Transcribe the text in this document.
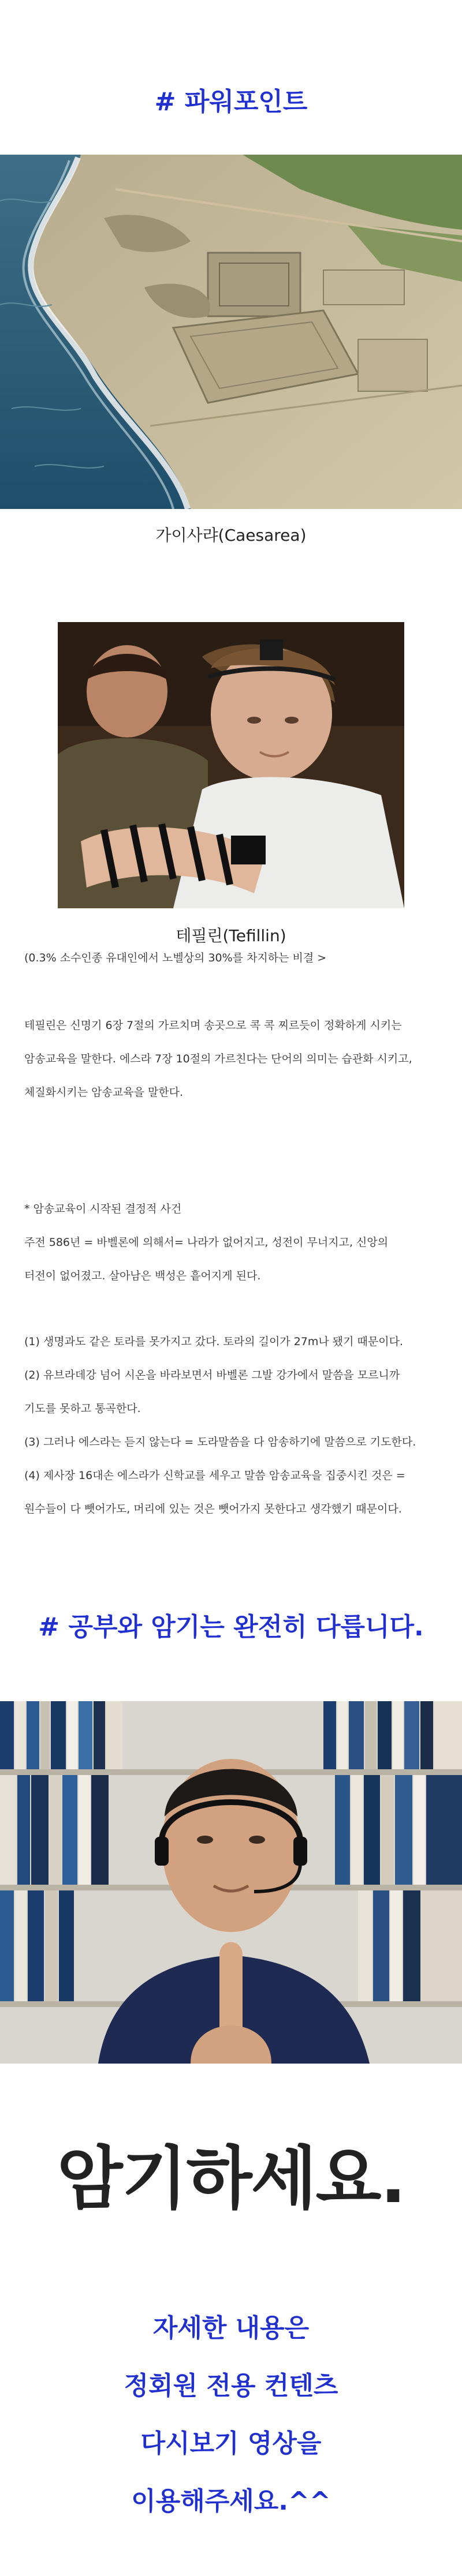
# 파워포인트
가이사랴(Caesarea)
테필린(Tefillin)

(0.3% 소수인종 유대인에서 노벨상의 30%를 차지하는 비결 >

테필린은 신명기 6장 7절의 가르치며 송곳으로 콕 콕 찌르듯이 정확하게 시키는

암송교육을 말한다. 에스라 7장 10절의 가르친다는 단어의 의미는 습관화 시키고,

체질화시키는 암송교육을 말한다.

* 암송교육이 시작된 결정적 사건

주전 586년 = 바벨론에 의해서= 나라가 없어지고, 성전이 무너지고, 신앙의

터전이 없어졌고. 살아남은 백성은 흩어지게 된다.

(1) 생명과도 같은 토라를 못가지고 갔다. 토라의 길이가 27m나 됐기 때문이다.

(2) 유브라데강 넘어 시온을 바라보면서 바벨론 그발 강가에서 말씀을 모르니까

기도를 못하고 통곡한다.

(3) 그러나 에스라는 듣지 않는다 = 도라말씀을 다 암송하기에 말씀으로 기도한다.

(4) 제사장 16대손 에스라가 신학교를 세우고 말씀 암송교육을 집중시킨 것은 =

원수들이 다 뺏어가도, 머리에 있는 것은 뺏어가지 못한다고 생각했기 때문이다.

# 공부와 암기는 완전히 다릅니다.
암기하세요.
자세한 내용은
정회원 전용 컨텐츠
다시보기 영상을
이용해주세요.^^
